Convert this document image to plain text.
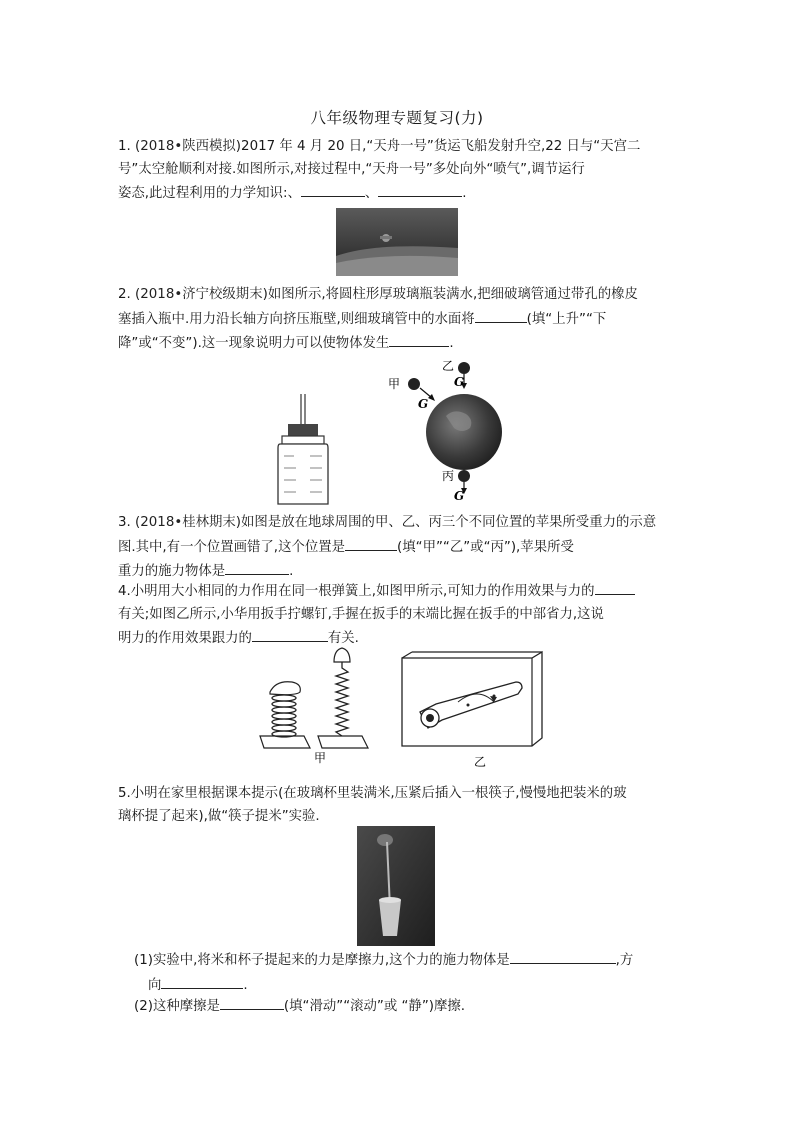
八年级物理专题复习(力)
1. (2018•陕西模拟)2017 年 4 月 20 日,“天舟一号”货运飞船发射升空,22 日与“天宫二
号”太空舱顺利对接.如图所示,对接过程中,“天舟一号”多处向外“喷气”,调节运行
姿态,此过程利用的力学知识:、	、	.
2. (2018•济宁校级期末)如图所示,将圆柱形厚玻璃瓶装满水,把细破璃管通过带孔的橡皮
塞插入瓶中.用力沿长轴方向挤压瓶壁,则细玻璃管中的水面将	(填“上升”“下
降”或“不变”).这一现象说明力可以使物体发生	.
乙
G
甲
G
丙
G
3. (2018•桂林期末)如图是放在地球周围的甲、乙、丙三个不同位置的苹果所受重力的示意
图.其中,有一个位置画错了,这个位置是	(填“甲”“乙”或“丙”),苹果所受
重力的施力物体是	.
4.小明用大小相同的力作用在同一根弹簧上,如图甲所示,可知力的作用效果与力的
有关;如图乙所示,小华用扳手拧螺钉,手握在扳手的末端比握在扳手的中部省力,这说
明力的作用效果跟力的	有关.
甲	乙
5.小明在家里根据课本提示(在玻璃杯里装满米,压紧后插入一根筷子,慢慢地把装米的玻
璃杯提了起来),做“筷子提米”实验.
(1)实验中,将米和杯子提起来的力是摩擦力,这个力的施力物体是	,方
向	.
(2)这种摩擦是	(填“滑动”“滚动”或 “静”)摩擦.
